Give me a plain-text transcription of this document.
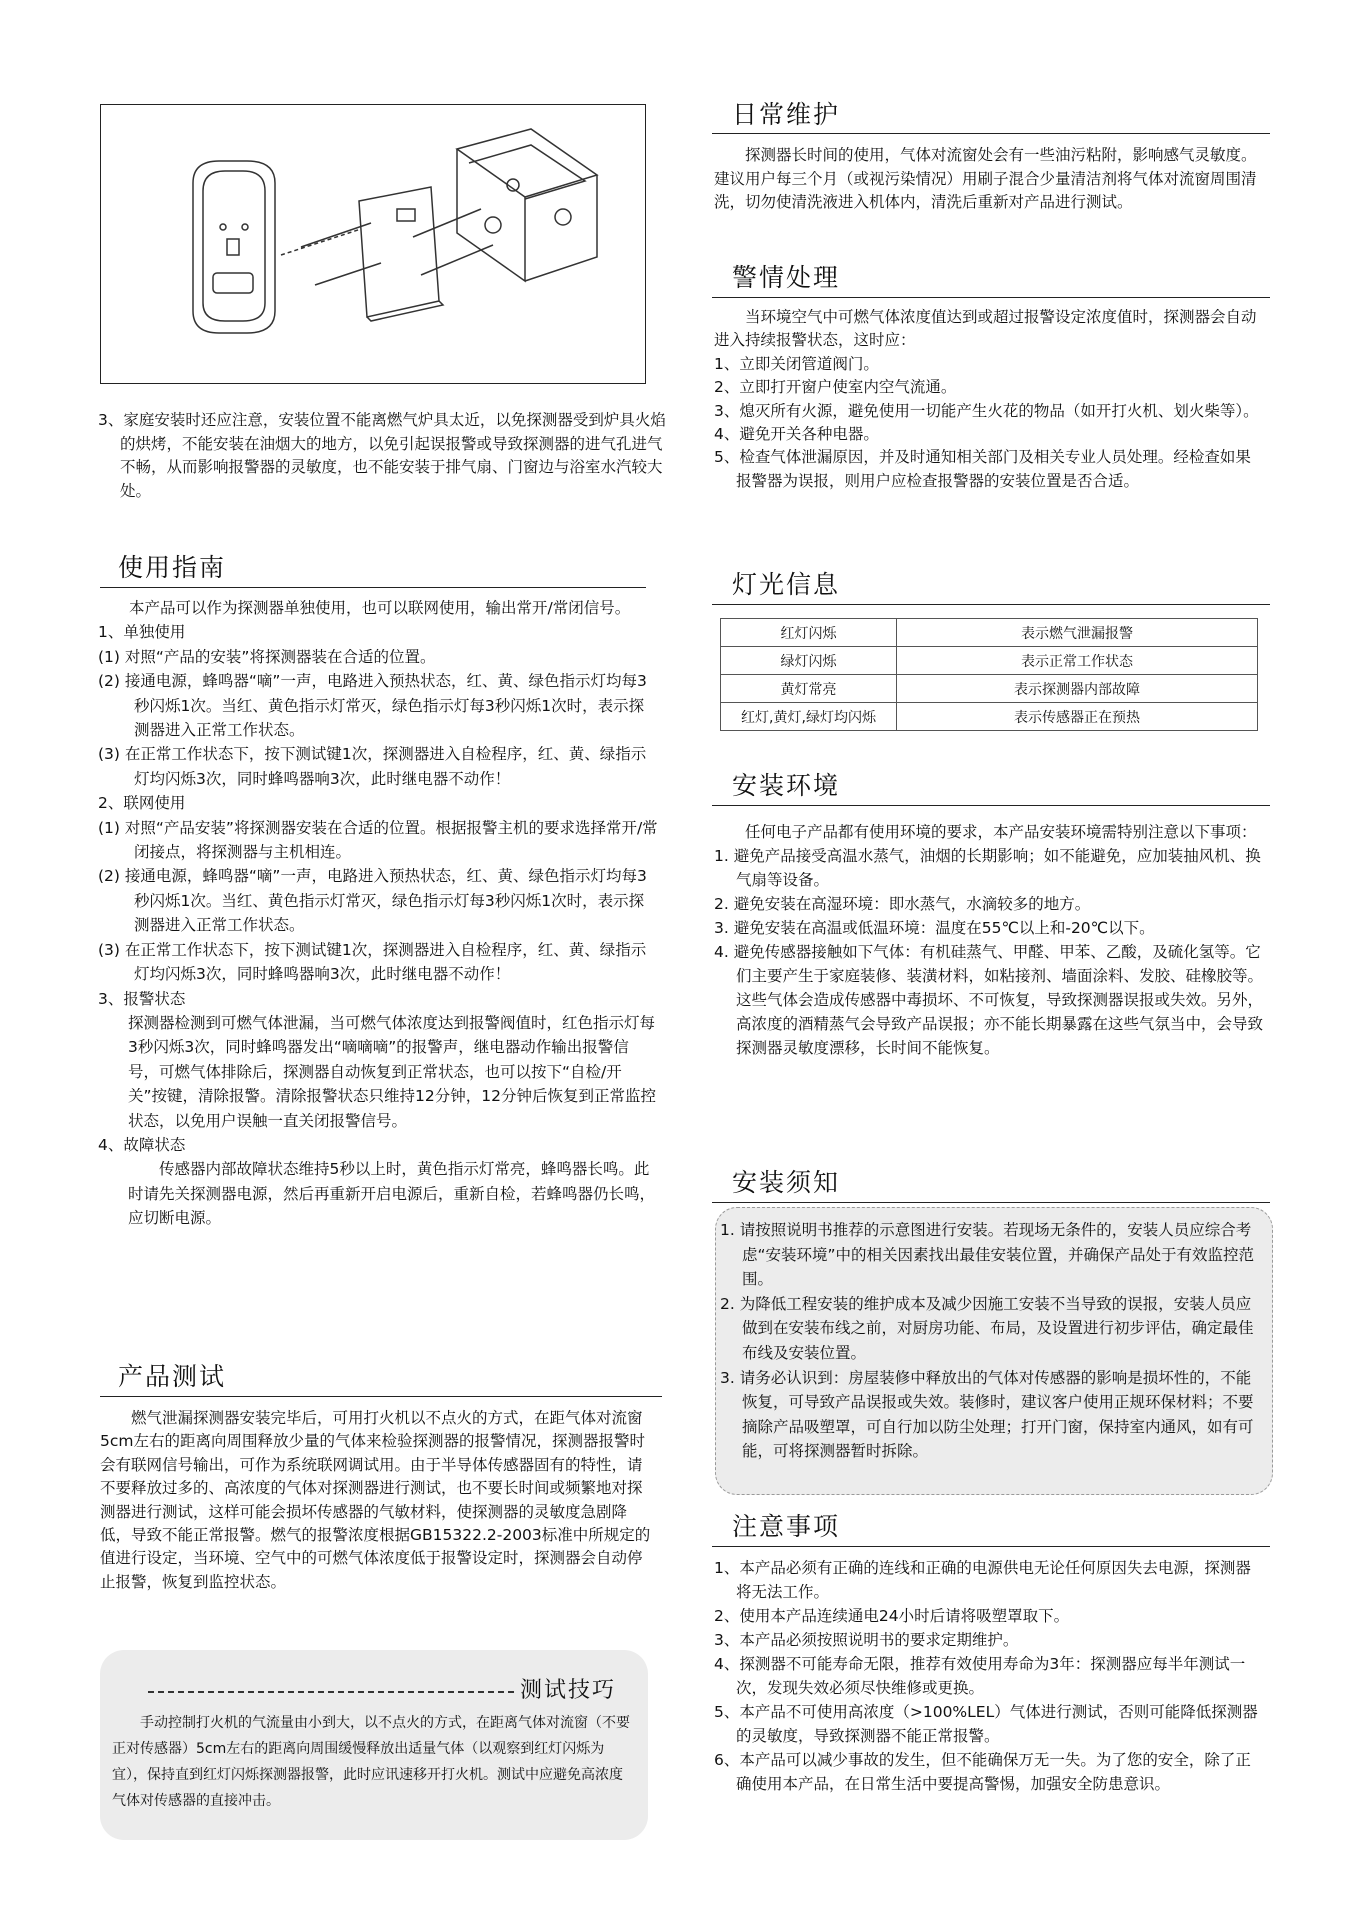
3、家庭安装时还应注意，安装位置不能离燃气炉具太近，以免探测器受到炉具火焰的烘烤，不能安装在油烟大的地方，以免引起误报警或导致探测器的进气孔进气不畅，从而影响报警器的灵敏度，也不能安装于排气扇、门窗边与浴室水汽较大处。

使用指南

本产品可以作为探测器单独使用，也可以联网使用，输出常开/常闭信号。

1、单独使用

(1) 对照“产品的安装”将探测器装在合适的位置。

(2) 接通电源，蜂鸣器“嘀”一声，电路进入预热状态，红、黄、绿色指示灯均每3秒闪烁1次。当红、黄色指示灯常灭，绿色指示灯每3秒闪烁1次时，表示探测器进入正常工作状态。

(3) 在正常工作状态下，按下测试键1次，探测器进入自检程序，红、黄、绿指示灯均闪烁3次，同时蜂鸣器响3次，此时继电器不动作！

2、联网使用

(1) 对照“产品安装”将探测器安装在合适的位置。根据报警主机的要求选择常开/常闭接点，将探测器与主机相连。

(2) 接通电源，蜂鸣器“嘀”一声，电路进入预热状态，红、黄、绿色指示灯均每3秒闪烁1次。当红、黄色指示灯常灭，绿色指示灯每3秒闪烁1次时，表示探测器进入正常工作状态。

(3) 在正常工作状态下，按下测试键1次，探测器进入自检程序，红、黄、绿指示灯均闪烁3次，同时蜂鸣器响3次，此时继电器不动作！

3、报警状态

探测器检测到可燃气体泄漏，当可燃气体浓度达到报警阀值时，红色指示灯每3秒闪烁3次，同时蜂鸣器发出“嘀嘀嘀”的报警声，继电器动作输出报警信号，可燃气体排除后，探测器自动恢复到正常状态，也可以按下“自检/开关”按键，清除报警。清除报警状态只维持12分钟，12分钟后恢复到正常监控状态，以免用户误触一直关闭报警信号。

4、故障状态

传感器内部故障状态维持5秒以上时，黄色指示灯常亮，蜂鸣器长鸣。此时请先关探测器电源，然后再重新开启电源后，重新自检，若蜂鸣器仍长鸣，应切断电源。

产品测试

燃气泄漏探测器安装完毕后，可用打火机以不点火的方式，在距气体对流窗5cm左右的距离向周围释放少量的气体来检验探测器的报警情况，探测器报警时会有联网信号输出，可作为系统联网调试用。由于半导体传感器固有的特性，请不要释放过多的、高浓度的气体对探测器进行测试，也不要长时间或频繁地对探测器进行测试，这样可能会损坏传感器的气敏材料，使探测器的灵敏度急剧降低，导致不能正常报警。燃气的报警浓度根据GB15322.2-2003标准中所规定的值进行设定，当环境、空气中的可燃气体浓度低于报警设定时，探测器会自动停止报警，恢复到监控状态。

测试技巧

手动控制打火机的气流量由小到大，以不点火的方式，在距离气体对流窗（不要正对传感器）5cm左右的距离向周围缓慢释放出适量气体（以观察到红灯闪烁为宜），保持直到红灯闪烁探测器报警，此时应讯速移开打火机。测试中应避免高浓度气体对传感器的直接冲击。

日常维护

探测器长时间的使用，气体对流窗处会有一些油污粘附，影响感气灵敏度。建议用户每三个月（或视污染情况）用刷子混合少量清洁剂将气体对流窗周围清洗，切勿使清洗液进入机体内，清洗后重新对产品进行测试。

警情处理

当环境空气中可燃气体浓度值达到或超过报警设定浓度值时，探测器会自动进入持续报警状态，这时应：

1、立即关闭管道阀门。

2、立即打开窗户使室内空气流通。

3、熄灭所有火源，避免使用一切能产生火花的物品（如开打火机、划火柴等）。

4、避免开关各种电器。

5、检查气体泄漏原因，并及时通知相关部门及相关专业人员处理。经检查如果报警器为误报，则用户应检查报警器的安装位置是否合适。

灯光信息
红灯闪烁	表示燃气泄漏报警
绿灯闪烁	表示正常工作状态
黄灯常亮	表示探测器内部故障
红灯,黄灯,绿灯均闪烁	表示传感器正在预热
安装环境

任何电子产品都有使用环境的要求，本产品安装环境需特别注意以下事项：

1. 避免产品接受高温水蒸气，油烟的长期影响；如不能避免，应加装抽风机、换气扇等设备。

2. 避免安装在高湿环境：即水蒸气，水滴较多的地方。

3. 避免安装在高温或低温环境：温度在55℃以上和-20℃以下。

4. 避免传感器接触如下气体：有机硅蒸气、甲醛、甲苯、乙酸，及硫化氢等。它们主要产生于家庭装修、装潢材料，如粘接剂、墙面涂料、发胶、硅橡胶等。这些气体会造成传感器中毒损坏、不可恢复，导致探测器误报或失效。另外，高浓度的酒精蒸气会导致产品误报；亦不能长期暴露在这些气氛当中，会导致探测器灵敏度漂移，长时间不能恢复。

安装须知

1. 请按照说明书推荐的示意图进行安装。若现场无条件的，安装人员应综合考虑“安装环境”中的相关因素找出最佳安装位置，并确保产品处于有效监控范围。

2. 为降低工程安装的维护成本及减少因施工安装不当导致的误报，安装人员应做到在安装布线之前，对厨房功能、布局，及设置进行初步评估，确定最佳布线及安装位置。

3. 请务必认识到：房屋装修中释放出的气体对传感器的影响是损坏性的，不能恢复，可导致产品误报或失效。装修时，建议客户使用正规环保材料；不要摘除产品吸塑罩，可自行加以防尘处理；打开门窗，保持室内通风，如有可能，可将探测器暂时拆除。

注意事项

1、本产品必须有正确的连线和正确的电源供电无论任何原因失去电源，探测器将无法工作。

2、使用本产品连续通电24小时后请将吸塑罩取下。

3、本产品必须按照说明书的要求定期维护。

4、探测器不可能寿命无限，推荐有效使用寿命为3年：探测器应每半年测试一次，发现失效必须尽快维修或更换。

5、本产品不可使用高浓度（>100%LEL）气体进行测试，否则可能降低探测器的灵敏度，导致探测器不能正常报警。

6、本产品可以减少事故的发生，但不能确保万无一失。为了您的安全，除了正确使用本产品，在日常生活中要提高警惕，加强安全防患意识。
